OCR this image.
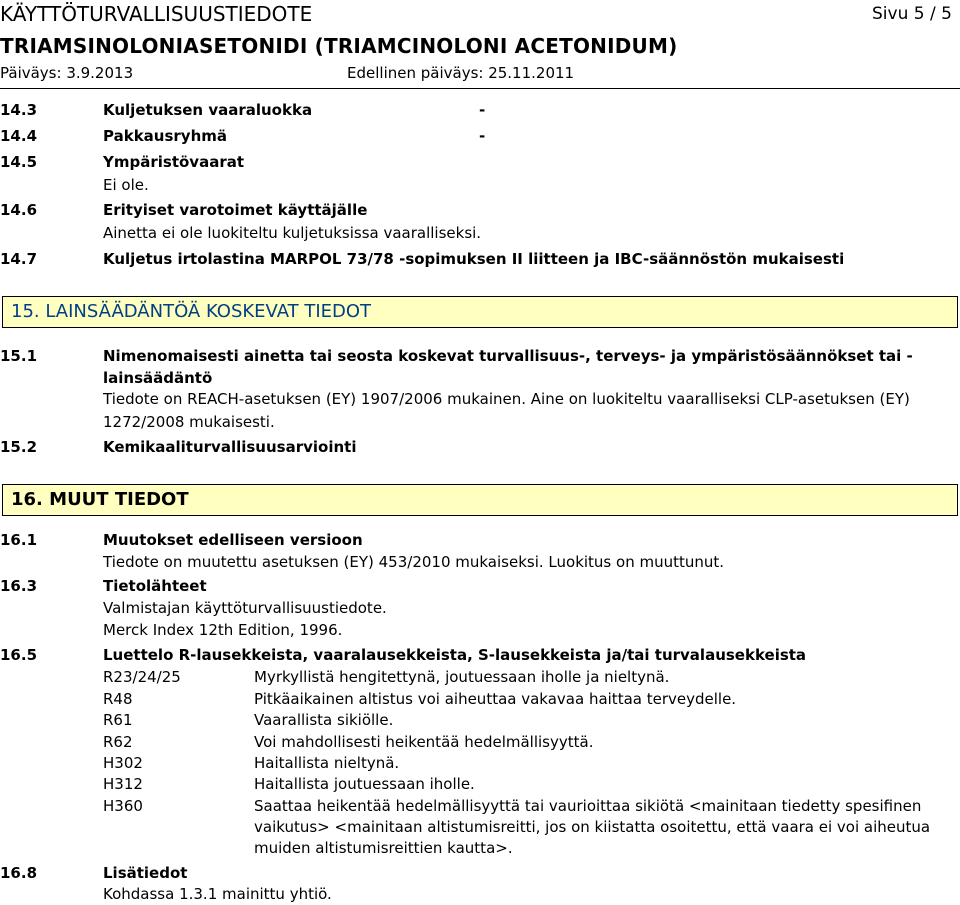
KÄYTTÖTURVALLISUUSTIEDOTE	Sivu 5 / 5
TRIAMSINOLONIASETONIDI (TRIAMCINOLONI ACETONIDUM)
Päiväys: 3.9.2013	Edellinen päiväys: 25.11.2011
14.3	Kuljetuksen vaaraluokka	-
14.4	Pakkausryhmä	-
14.5	Ympäristövaarat
Ei ole.
14.6	Erityiset varotoimet käyttäjälle
Ainetta ei ole luokiteltu kuljetuksissa vaaralliseksi.
14.7	Kuljetus irtolastina MARPOL 73/78 -sopimuksen II liitteen ja IBC-säännöstön mukaisesti
15. LAINSÄÄDÄNTÖÄ KOSKEVAT TIEDOT
15.1	Nimenomaisesti ainetta tai seosta koskevat turvallisuus-, terveys- ja ympäristösäännökset tai -
lainsäädäntö
Tiedote on REACH-asetuksen (EY) 1907/2006 mukainen. Aine on luokiteltu vaaralliseksi CLP-asetuksen (EY)
1272/2008 mukaisesti.
15.2	Kemikaaliturvallisuusarviointi
16. MUUT TIEDOT
16.1	Muutokset edelliseen versioon
Tiedote on muutettu asetuksen (EY) 453/2010 mukaiseksi. Luokitus on muuttunut.
16.3	Tietolähteet
Valmistajan käyttöturvallisuustiedote.
Merck Index 12th Edition, 1996.
16.5	Luettelo R-lausekkeista, vaaralausekkeista, S-lausekkeista ja/tai turvalausekkeista
R23/24/25	Myrkyllistä hengitettynä, joutuessaan iholle ja nieltynä.
R48	Pitkäaikainen altistus voi aiheuttaa vakavaa haittaa terveydelle.
R61	Vaarallista sikiölle.
R62	Voi mahdollisesti heikentää hedelmällisyyttä.
H302	Haitallista nieltynä.
H312	Haitallista joutuessaan iholle.
H360	Saattaa heikentää hedelmällisyyttä tai vaurioittaa sikiötä <mainitaan tiedetty spesifinen
vaikutus> <mainitaan altistumisreitti, jos on kiistatta osoitettu, että vaara ei voi aiheutua
muiden altistumisreittien kautta>.
16.8	Lisätiedot
Kohdassa 1.3.1 mainittu yhtiö.
